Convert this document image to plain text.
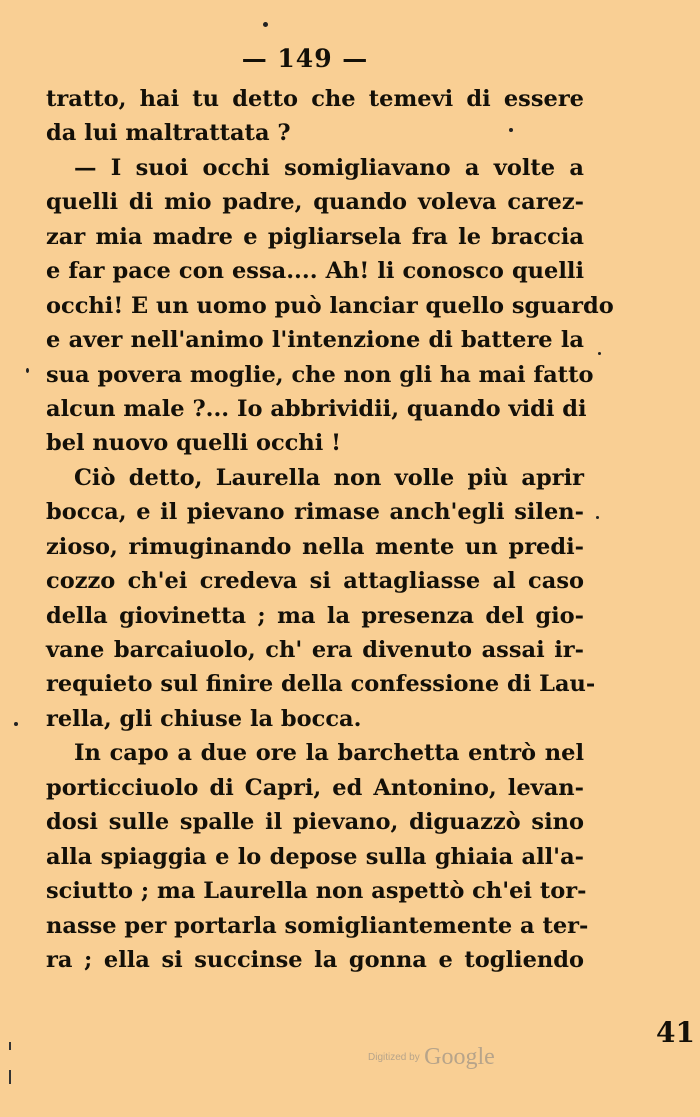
— 149 —
tratto, hai tu detto che temevi di essere
da lui maltrattata ?
— I suoi occhi somigliavano a volte a
quelli di mio padre, quando voleva carez-
zar mia madre e pigliarsela fra le braccia
e far pace con essa.... Ah! li conosco quelli
occhi! E un uomo può lanciar quello sguardo
e aver nell'animo l'intenzione di battere la
sua povera moglie, che non gli ha mai fatto
alcun male ?... Io abbrividii, quando vidi di
bel nuovo quelli occhi !
Ciò detto, Laurella non volle più aprir
bocca, e il pievano rimase anch'egli silen-
zioso, rimuginando nella mente un predi-
cozzo ch'ei credeva si attagliasse al caso
della giovinetta ; ma la presenza del gio-
vane barcaiuolo, ch' era divenuto assai ir-
requieto sul finire della confessione di Lau-
rella, gli chiuse la bocca.
In capo a due ore la barchetta entrò nel
porticciuolo di Capri, ed Antonino, levan-
dosi sulle spalle il pievano, diguazzò sino
alla spiaggia e lo depose sulla ghiaia all'a-
sciutto ; ma Laurella non aspettò ch'ei tor-
nasse per portarla somigliantemente a ter-
ra ; ella si succinse la gonna e togliendo
41
Digitized by Google
